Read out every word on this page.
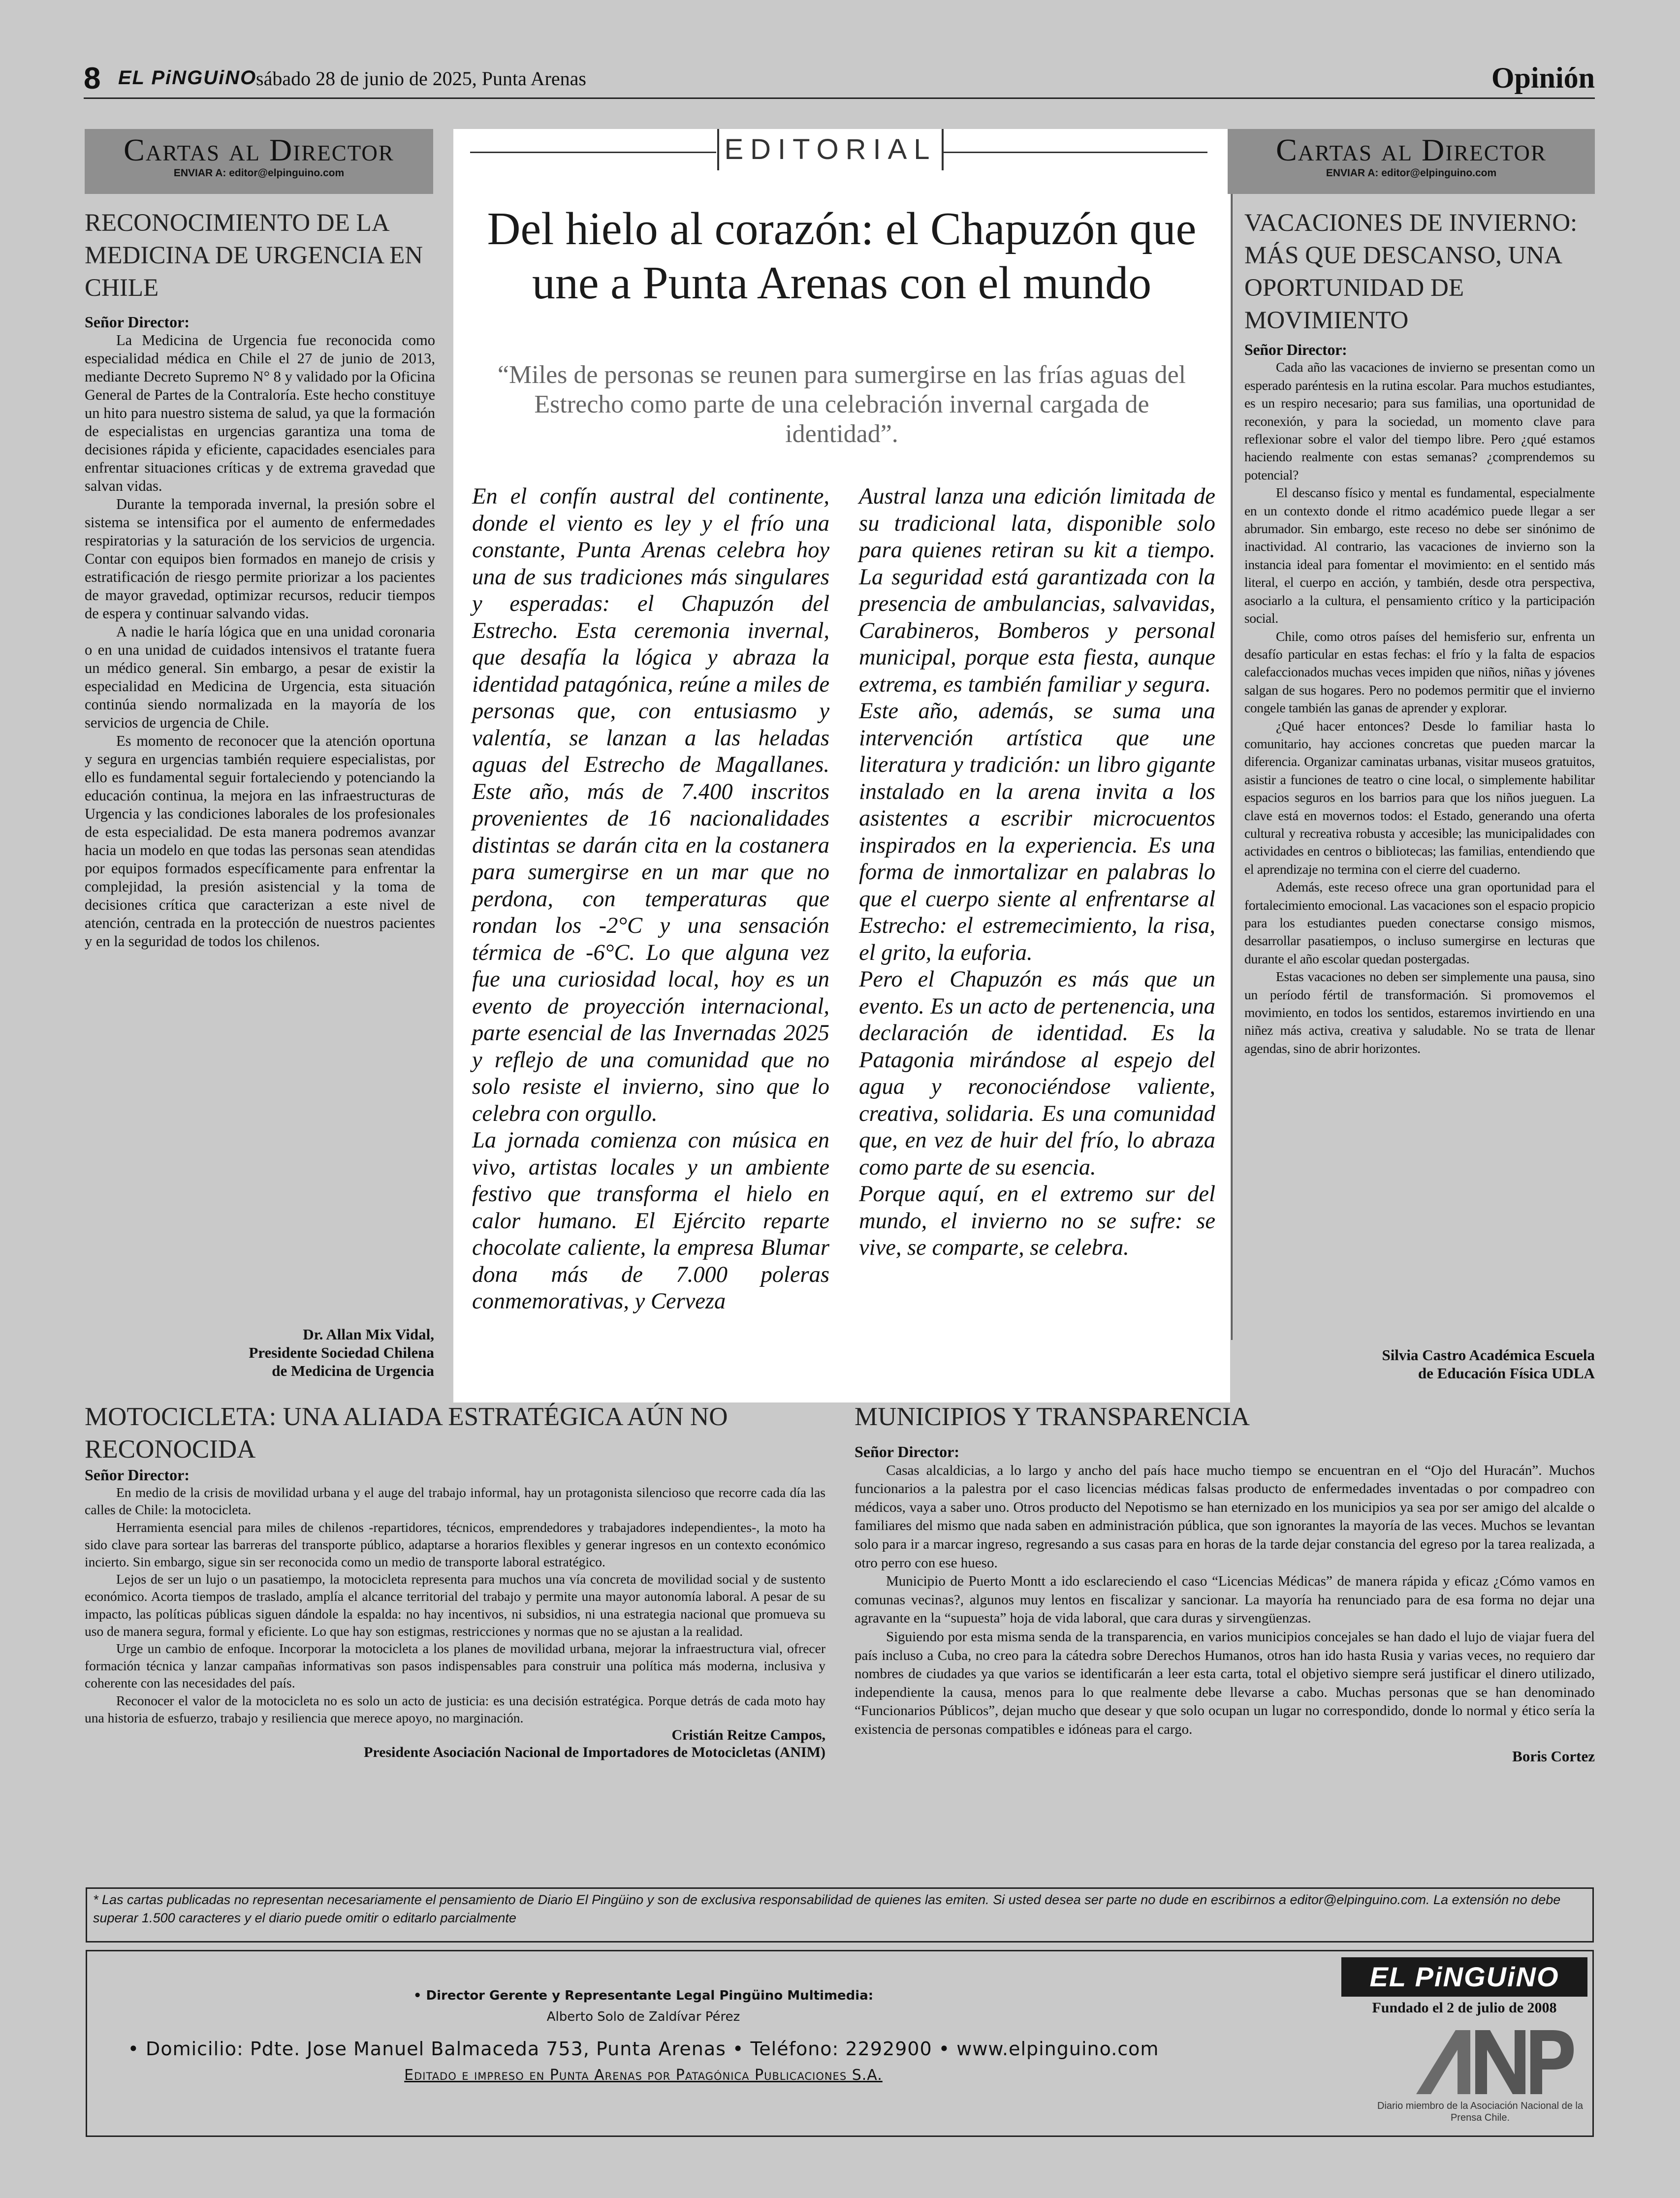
8 EL PiNGUiNO
sábado 28 de junio de 2025, Punta Arenas	Opinión
Cartas al Director
ENVIAR A: editor@elpinguino.com
RECONOCIMIENTO DE LA MEDICINA DE URGENCIA EN CHILE

Señor Director:

La Medicina de Urgencia fue reconocida como especialidad médica en Chile el 27 de junio de 2013, mediante Decreto Supremo N° 8 y validado por la Oficina General de Partes de la Contraloría. Este hecho constituye un hito para nuestro sistema de salud, ya que la formación de especialistas en urgencias garantiza una toma de decisiones rápida y eficiente, capacidades esenciales para enfrentar situaciones críticas y de extrema gravedad que salvan vidas.

Durante la temporada invernal, la presión sobre el sistema se intensifica por el aumento de enfermedades respiratorias y la saturación de los servicios de urgencia. Contar con equipos bien formados en manejo de crisis y estratificación de riesgo permite priorizar a los pacientes de mayor gravedad, optimizar recursos, reducir tiempos de espera y continuar salvando vidas.

A nadie le haría lógica que en una unidad coronaria o en una unidad de cuidados intensivos el tratante fuera un médico general. Sin embargo, a pesar de existir la especialidad en Medicina de Urgencia, esta situación continúa siendo normalizada en la mayoría de los servicios de urgencia de Chile.

Es momento de reconocer que la atención oportuna y segura en urgencias también requiere especialistas, por ello es fundamental seguir fortaleciendo y potenciando la educación continua, la mejora en las infraestructuras de Urgencia y las condiciones laborales de los profesionales de esta especialidad. De esta manera podremos avanzar hacia un modelo en que todas las personas sean atendidas por equipos formados específicamente para enfrentar la complejidad, la presión asistencial y la toma de decisiones crítica que caracterizan a este nivel de atención, centrada en la protección de nuestros pacientes y en la seguridad de todos los chilenos.

Dr. Allan Mix Vidal,
Presidente Sociedad Chilena
de Medicina de Urgencia
EDITORIAL
Del hielo al corazón: el Chapuzón que une a Punta Arenas con el mundo
“Miles de personas se reunen para sumergirse en las frías aguas del Estrecho como parte de una celebración invernal cargada de identidad”.

En el confín austral del continente, donde el viento es ley y el frío una constante, Punta Arenas celebra hoy una de sus tradiciones más singulares y esperadas: el Chapuzón del Estrecho. Esta ceremonia invernal, que desafía la lógica y abraza la identidad patagónica, reúne a miles de personas que, con entusiasmo y valentía, se lanzan a las heladas aguas del Estrecho de Magallanes. Este año, más de 7.400 inscritos provenientes de 16 nacionalidades distintas se darán cita en la costanera para sumergirse en un mar que no perdona, con temperaturas que rondan los -2°C y una sensación térmica de -6°C. Lo que alguna vez fue una curiosidad local, hoy es un evento de proyección internacional, parte esencial de las Invernadas 2025 y reflejo de una comunidad que no solo resiste el invierno, sino que lo celebra con orgullo.

La jornada comienza con música en vivo, artistas locales y un ambiente festivo que transforma el hielo en calor humano. El Ejército reparte chocolate caliente, la empresa Blumar dona más de 7.000 poleras conmemorativas, y Cerveza

Austral lanza una edición limitada de su tradicional lata, disponible solo para quienes retiran su kit a tiempo. La seguridad está garantizada con la presencia de ambulancias, salvavidas, Carabineros, Bomberos y personal municipal, porque esta fiesta, aunque extrema, es también familiar y segura.

Este año, además, se suma una intervención artística que une literatura y tradición: un libro gigante instalado en la arena invita a los asistentes a escribir microcuentos inspirados en la experiencia. Es una forma de inmortalizar en palabras lo que el cuerpo siente al enfrentarse al Estrecho: el estremecimiento, la risa, el grito, la euforia.

Pero el Chapuzón es más que un evento. Es un acto de pertenencia, una declaración de identidad. Es la Patagonia mirándose al espejo del agua y reconociéndose valiente, creativa, solidaria. Es una comunidad que, en vez de huir del frío, lo abraza como parte de su esencia.

Porque aquí, en el extremo sur del mundo, el invierno no se sufre: se vive, se comparte, se celebra.

Cartas al Director
ENVIAR A: editor@elpinguino.com
VACACIONES DE INVIERNO: MÁS QUE DESCANSO, UNA OPORTUNIDAD DE MOVIMIENTO

Señor Director:

Cada año las vacaciones de invierno se presentan como un esperado paréntesis en la rutina escolar. Para muchos estudiantes, es un respiro necesario; para sus familias, una oportunidad de reconexión, y para la sociedad, un momento clave para reflexionar sobre el valor del tiempo libre. Pero ¿qué estamos haciendo realmente con estas semanas? ¿comprendemos su potencial?

El descanso físico y mental es fundamental, especialmente en un contexto donde el ritmo académico puede llegar a ser abrumador. Sin embargo, este receso no debe ser sinónimo de inactividad. Al contrario, las vacaciones de invierno son la instancia ideal para fomentar el movimiento: en el sentido más literal, el cuerpo en acción, y también, desde otra perspectiva, asociarlo a la cultura, el pensamiento crítico y la participación social.

Chile, como otros países del hemisferio sur, enfrenta un desafío particular en estas fechas: el frío y la falta de espacios calefaccionados muchas veces impiden que niños, niñas y jóvenes salgan de sus hogares. Pero no podemos permitir que el invierno congele también las ganas de aprender y explorar.

¿Qué hacer entonces? Desde lo familiar hasta lo comunitario, hay acciones concretas que pueden marcar la diferencia. Organizar caminatas urbanas, visitar museos gratuitos, asistir a funciones de teatro o cine local, o simplemente habilitar espacios seguros en los barrios para que los niños jueguen. La clave está en movernos todos: el Estado, generando una oferta cultural y recreativa robusta y accesible; las municipalidades con actividades en centros o bibliotecas; las familias, entendiendo que el aprendizaje no termina con el cierre del cuaderno.

Además, este receso ofrece una gran oportunidad para el fortalecimiento emocional. Las vacaciones son el espacio propicio para los estudiantes pueden conectarse consigo mismos, desarrollar pasatiempos, o incluso sumergirse en lecturas que durante el año escolar quedan postergadas.

Estas vacaciones no deben ser simplemente una pausa, sino un período fértil de transformación. Si promovemos el movimiento, en todos los sentidos, estaremos invirtiendo en una niñez más activa, creativa y saludable. No se trata de llenar agendas, sino de abrir horizontes.

Silvia Castro Académica Escuela
de Educación Física UDLA
MOTOCICLETA: UNA ALIADA ESTRATÉGICA AÚN NO RECONOCIDA

Señor Director:

En medio de la crisis de movilidad urbana y el auge del trabajo informal, hay un protagonista silencioso que recorre cada día las calles de Chile: la motocicleta.

Herramienta esencial para miles de chilenos -repartidores, técnicos, emprendedores y trabajadores independientes-, la moto ha sido clave para sortear las barreras del transporte público, adaptarse a horarios flexibles y generar ingresos en un contexto económico incierto. Sin embargo, sigue sin ser reconocida como un medio de transporte laboral estratégico.

Lejos de ser un lujo o un pasatiempo, la motocicleta representa para muchos una vía concreta de movilidad social y de sustento económico. Acorta tiempos de traslado, amplía el alcance territorial del trabajo y permite una mayor autonomía laboral. A pesar de su impacto, las políticas públicas siguen dándole la espalda: no hay incentivos, ni subsidios, ni una estrategia nacional que promueva su uso de manera segura, formal y eficiente. Lo que hay son estigmas, restricciones y normas que no se ajustan a la realidad.

Urge un cambio de enfoque. Incorporar la motocicleta a los planes de movilidad urbana, mejorar la infraestructura vial, ofrecer formación técnica y lanzar campañas informativas son pasos indispensables para construir una política más moderna, inclusiva y coherente con las necesidades del país.

Reconocer el valor de la motocicleta no es solo un acto de justicia: es una decisión estratégica. Porque detrás de cada moto hay una historia de esfuerzo, trabajo y resiliencia que merece apoyo, no marginación.

Cristián Reitze Campos,
Presidente Asociación Nacional de Importadores de Motocicletas (ANIM)
MUNICIPIOS Y TRANSPARENCIA

Señor Director:

Casas alcaldicias, a lo largo y ancho del país hace mucho tiempo se encuentran en el “Ojo del Huracán”. Muchos funcionarios a la palestra por el caso licencias médicas falsas producto de enfermedades inventadas o por compadreo con médicos, vaya a saber uno. Otros producto del Nepotismo se han eternizado en los municipios ya sea por ser amigo del alcalde o familiares del mismo que nada saben en administración pública, que son ignorantes la mayoría de las veces. Muchos se levantan solo para ir a marcar ingreso, regresando a sus casas para en horas de la tarde dejar constancia del egreso por la tarea realizada, a otro perro con ese hueso.

Municipio de Puerto Montt a ido esclareciendo el caso “Licencias Médicas” de manera rápida y eficaz ¿Cómo vamos en comunas vecinas?, algunos muy lentos en fiscalizar y sancionar. La mayoría ha renunciado para de esa forma no dejar una agravante en la “supuesta” hoja de vida laboral, que cara duras y sirvengüenzas.

Siguiendo por esta misma senda de la transparencia, en varios municipios concejales se han dado el lujo de viajar fuera del país incluso a Cuba, no creo para la cátedra sobre Derechos Humanos, otros han ido hasta Rusia y varias veces, no requiero dar nombres de ciudades ya que varios se identificarán a leer esta carta, total el objetivo siempre será justificar el dinero utilizado, independiente la causa, menos para lo que realmente debe llevarse a cabo. Muchas personas que se han denominado “Funcionarios Públicos”, dejan mucho que desear y que solo ocupan un lugar no correspondido, donde lo normal y ético sería la existencia de personas compatibles e idóneas para el cargo.

Boris Cortez
* Las cartas publicadas no representan necesariamente el pensamiento de Diario El Pingüino y son de exclusiva responsabilidad de quienes las emiten. Si usted desea ser parte no dude en escribirnos a editor@elpinguino.com. La extensión no debe superar 1.500 caracteres y el diario puede omitir o editarlo parcialmente
• Director Gerente y Representante Legal Pingüino Multimedia:
Alberto Solo de Zaldívar Pérez
• Domicilio: Pdte. Jose Manuel Balmaceda 753, Punta Arenas • Teléfono: 2292900 • www.elpinguino.com
Editado e impreso en Punta Arenas por Patagónica Publicaciones S.A.
EL PiNGUiNO
Fundado el 2 de julio de 2008
ANP
Diario miembro de la Asociación Nacional de la Prensa Chile.
